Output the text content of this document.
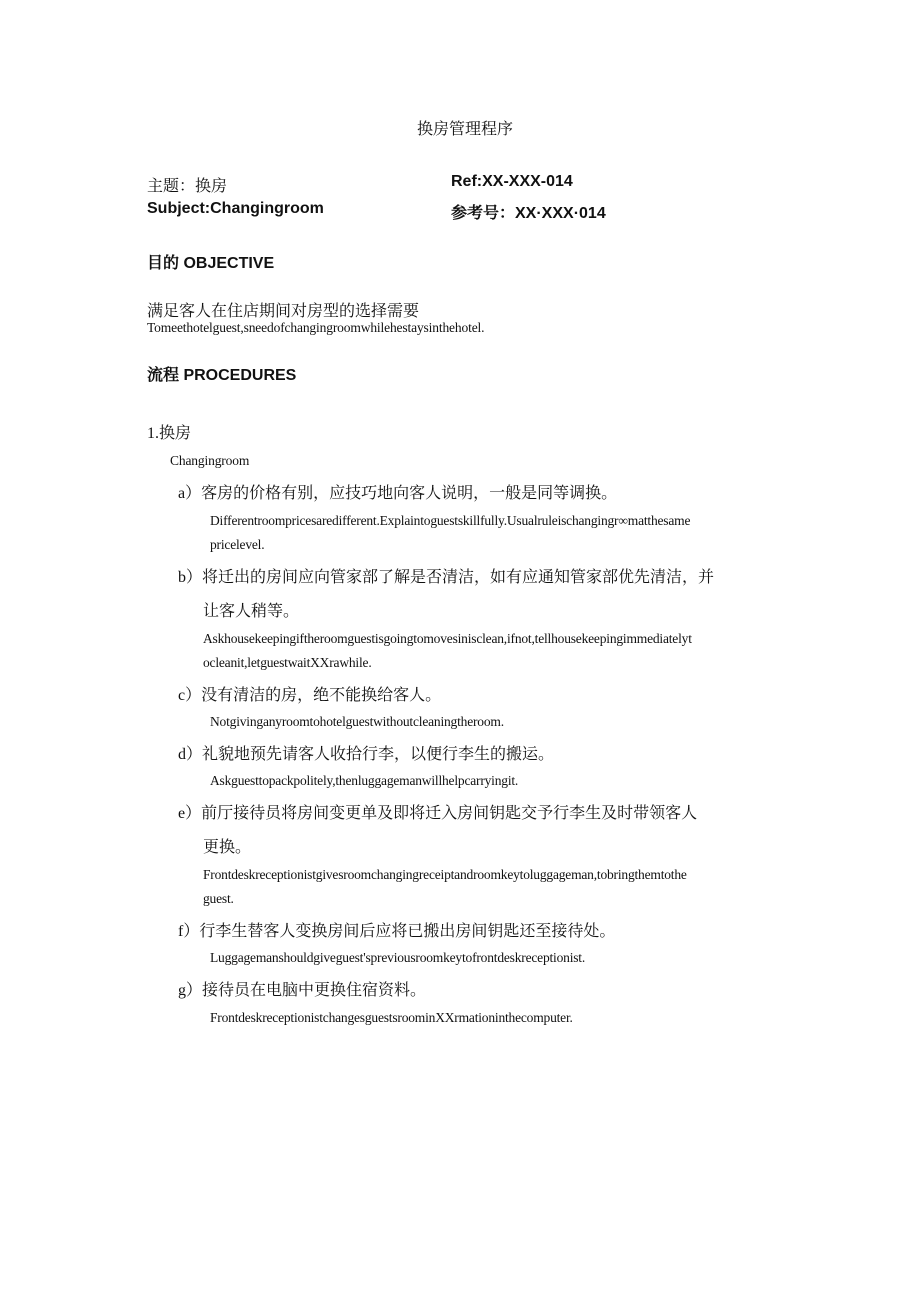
换房管理程序
主题：换房	Ref:XX-XXX-014
Subject:Changingroom	参考号：XX·XXX·014
目的 OBJECTIVE
满足客人在住店期间对房型的选择需要
Tomeethotelguest,sneedofchangingroomwhilehestaysinthehotel.
流程 PROCEDURES
1.换房
Changingroom
a）客房的价格有别，应技巧地向客人说明，一般是同等调换。
Differentroompricesaredifferent.Explaintoguestskillfully.Usualruleischangingr∞matthesame
pricelevel.
b）将迁出的房间应向管家部了解是否清洁，如有应通知管家部优先清洁，并
让客人稍等。
Askhousekeepingiftheroomguestisgoingtomovesinisclean,ifnot,tellhousekeepingimmediatelyt
ocleanit,letguestwaitXXrawhile.
c）没有清洁的房，绝不能换给客人。
Notgivinganyroomtohotelguestwithoutcleaningtheroom.
d）礼貌地预先请客人收拾行李，以便行李生的搬运。
Askguesttopackpolitely,thenluggagemanwillhelpcarryingit.
e）前厅接待员将房间变更单及即将迁入房间钥匙交予行李生及时带领客人
更换。
Frontdeskreceptionistgivesroomchangingreceiptandroomkeytoluggageman,tobringthemtothe
guest.
f）行李生替客人变换房间后应将已搬出房间钥匙还至接待处。
Luggagemanshouldgiveguest'spreviousroomkeytofrontdeskreceptionist.
g）接待员在电脑中更换住宿资料。
FrontdeskreceptionistchangesguestsroominXXrmationinthecomputer.
